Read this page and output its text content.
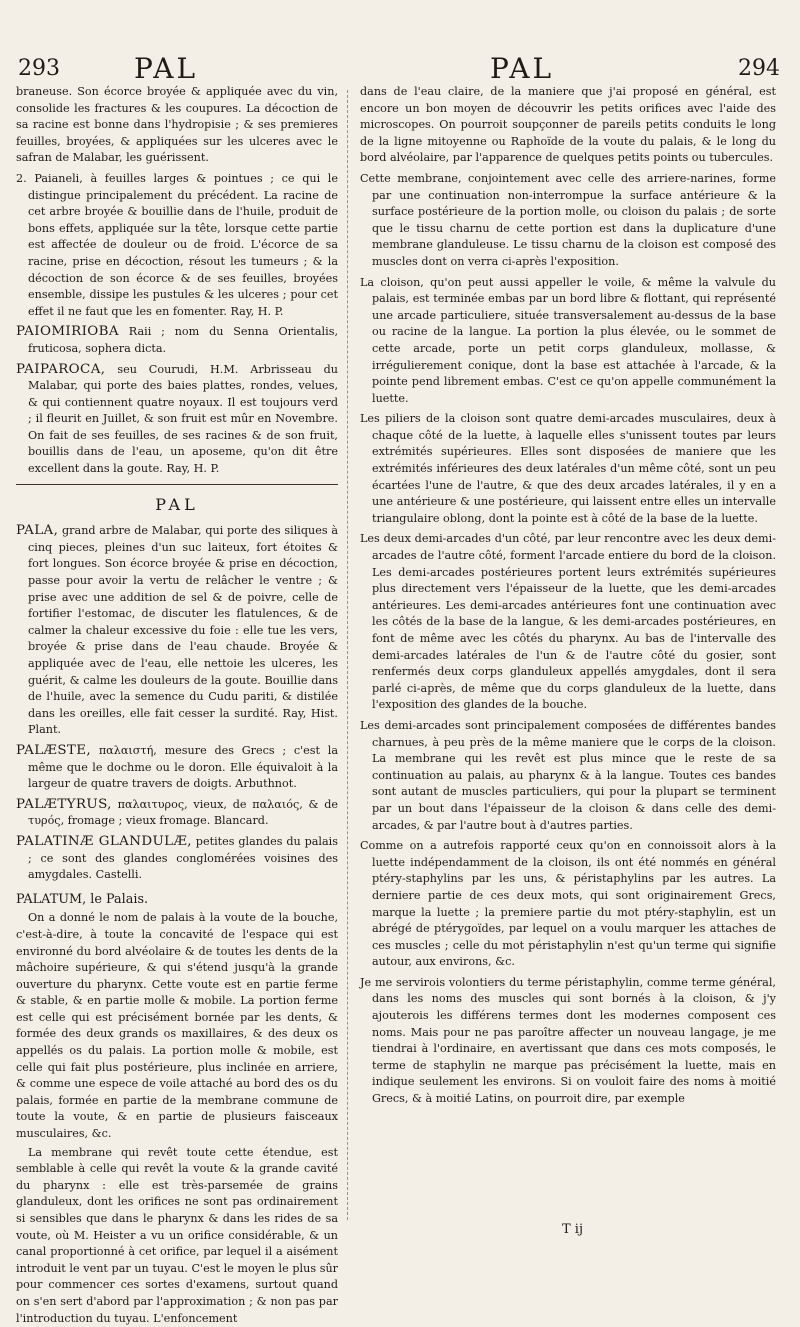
293	PAL	PAL	294

braneuse. Son écorce broyée & appliquée avec du vin, consolide les fractures & les coupures. La décoction de sa racine est bonne dans l'hydropisie ; & ses premieres feuilles, broyées, & appliquées sur les ulceres avec le safran de Malabar, les guérissent.

2. Paianeli, à feuilles larges & pointues ; ce qui le distingue principalement du précédent. La racine de cet arbre broyée & bouillie dans de l'huile, produit de bons effets, appliquée sur la tête, lorsque cette partie est affectée de douleur ou de froid. L'écorce de sa racine, prise en décoction, résout les tumeurs ; & la décoction de son écorce & de ses feuilles, broyées ensemble, dissipe les pustules & les ulceres ; pour cet effet il ne faut que les en fomenter. Ray, H. P.

PAIOMIRIOBA Raii ; nom du Senna Orientalis, fruticosa, sophera dicta.

PAIPAROCA, seu Courudi, H.M. Arbrisseau du Malabar, qui porte des baies plattes, rondes, velues, & qui contiennent quatre noyaux. Il est toujours verd ; il fleurit en Juillet, & son fruit est mûr en Novembre. On fait de ses feuilles, de ses racines & de son fruit, bouillis dans de l'eau, un aposeme, qu'on dit être excellent dans la goute. Ray, H. P.

PAL

PALA, grand arbre de Malabar, qui porte des siliques à cinq pieces, pleines d'un suc laiteux, fort étoites & fort longues. Son écorce broyée & prise en décoction, passe pour avoir la vertu de relâcher le ventre ; & prise avec une addition de sel & de poivre, celle de fortifier l'estomac, de discuter les flatulences, & de calmer la chaleur excessive du foie : elle tue les vers, broyée & prise dans de l'eau chaude. Broyée & appliquée avec de l'eau, elle nettoie les ulceres, les guérit, & calme les douleurs de la goute. Bouillie dans de l'huile, avec la semence du Cudu pariti, & distilée dans les oreilles, elle fait cesser la surdité. Ray, Hist. Plant.

PALÆSTE, παλαιστή, mesure des Grecs ; c'est la même que le dochme ou le doron. Elle équivaloit à la largeur de quatre travers de doigts. Arbuthnot.

PALÆTYRUS, παλαιτυρος, vieux, de παλαιός, & de τυρός, fromage ; vieux fromage. Blancard.

PALATINÆ GLANDULÆ, petites glandes du palais ; ce sont des glandes conglomérées voisines des amygdales. Castelli.

PALATUM, le Palais.

On a donné le nom de palais à la voute de la bouche, c'est-à-dire, à toute la concavité de l'espace qui est environné du bord alvéolaire & de toutes les dents de la mâchoire supérieure, & qui s'étend jusqu'à la grande ouverture du pharynx. Cette voute est en partie ferme & stable, & en partie molle & mobile. La portion ferme est celle qui est précisément bornée par les dents, & formée des deux grands os maxillaires, & des deux os appellés os du palais. La portion molle & mobile, est celle qui fait plus postérieure, plus inclinée en arriere, & comme une espece de voile attaché au bord des os du palais, formée en partie de la membrane commune de toute la voute, & en partie de plusieurs faisceaux musculaires, &c.

La membrane qui revêt toute cette étendue, est semblable à celle qui revêt la voute & la grande cavité du pharynx : elle est très-parsemée de grains glanduleux, dont les orifices ne sont pas ordinairement si sensibles que dans le pharynx & dans les rides de sa voute, où M. Heister a vu un orifice considérable, & un canal proportionné à cet orifice, par lequel il a aisément introduit le vent par un tuyau. C'est le moyen le plus sûr pour commencer ces sortes d'examens, surtout quand on s'en sert d'abord par l'approximation ; & non pas par l'introduction du tuyau. L'enfoncement

dans de l'eau claire, de la maniere que j'ai proposé en général, est encore un bon moyen de découvrir les petits orifices avec l'aide des microscopes. On pourroit soupçonner de pareils petits conduits le long de la ligne mitoyenne ou Raphoïde de la voute du palais, & le long du bord alvéolaire, par l'apparence de quelques petits points ou tubercules.

Cette membrane, conjointement avec celle des arriere-narines, forme par une continuation non-interrompue la surface antérieure & la surface postérieure de la portion molle, ou cloison du palais ; de sorte que le tissu charnu de cette portion est dans la duplicature d'une membrane glanduleuse. Le tissu charnu de la cloison est composé des muscles dont on verra ci-après l'exposition.

La cloison, qu'on peut aussi appeller le voile, & même la valvule du palais, est terminée embas par un bord libre & flottant, qui représenté une arcade particuliere, située transversalement au-dessus de la base ou racine de la langue. La portion la plus élevée, ou le sommet de cette arcade, porte un petit corps glanduleux, mollasse, & irrégulierement conique, dont la base est attachée à l'arcade, & la pointe pend librement embas. C'est ce qu'on appelle communément la luette.

Les piliers de la cloison sont quatre demi-arcades musculaires, deux à chaque côté de la luette, à laquelle elles s'unissent toutes par leurs extrémités supérieures. Elles sont disposées de maniere que les extrémités inférieures des deux latérales d'un même côté, sont un peu écartées l'une de l'autre, & que des deux arcades latérales, il y en a une antérieure & une postérieure, qui laissent entre elles un intervalle triangulaire oblong, dont la pointe est à côté de la base de la luette.

Les deux demi-arcades d'un côté, par leur rencontre avec les deux demi-arcades de l'autre côté, forment l'arcade entiere du bord de la cloison. Les demi-arcades postérieures portent leurs extrémités supérieures plus directement vers l'épaisseur de la luette, que les demi-arcades antérieures. Les demi-arcades antérieures font une continuation avec les côtés de la base de la langue, & les demi-arcades postérieures, en font de même avec les côtés du pharynx. Au bas de l'intervalle des demi-arcades latérales de l'un & de l'autre côté du gosier, sont renfermés deux corps glanduleux appellés amygdales, dont il sera parlé ci-après, de même que du corps glanduleux de la luette, dans l'exposition des glandes de la bouche.

Les demi-arcades sont principalement composées de différentes bandes charnues, à peu près de la même maniere que le corps de la cloison. La membrane qui les revêt est plus mince que le reste de sa continuation au palais, au pharynx & à la langue. Toutes ces bandes sont autant de muscles particuliers, qui pour la plupart se terminent par un bout dans l'épaisseur de la cloison & dans celle des demi-arcades, & par l'autre bout à d'autres parties.

Comme on a autrefois rapporté ceux qu'on en connoissoit alors à la luette indépendamment de la cloison, ils ont été nommés en général ptéry-staphylins par les uns, & péristaphylins par les autres. La derniere partie de ces deux mots, qui sont originairement Grecs, marque la luette ; la premiere partie du mot ptéry-staphylin, est un abrégé de ptérygoïdes, par lequel on a voulu marquer les attaches de ces muscles ; celle du mot péristaphylin n'est qu'un terme qui signifie autour, aux environs, &c.

Je me servirois volontiers du terme péristaphylin, comme terme général, dans les noms des muscles qui sont bornés à la cloison, & j'y ajouterois les différens termes dont les modernes composent ces noms. Mais pour ne pas paroître affecter un nouveau langage, je me tiendrai à l'ordinaire, en avertissant que dans ces mots composés, le terme de staphylin ne marque pas précisément la luette, mais en indique seulement les environs. Si on vouloit faire des noms à moitié Grecs, & à moitié Latins, on pourroit dire, par exemple

T ij
